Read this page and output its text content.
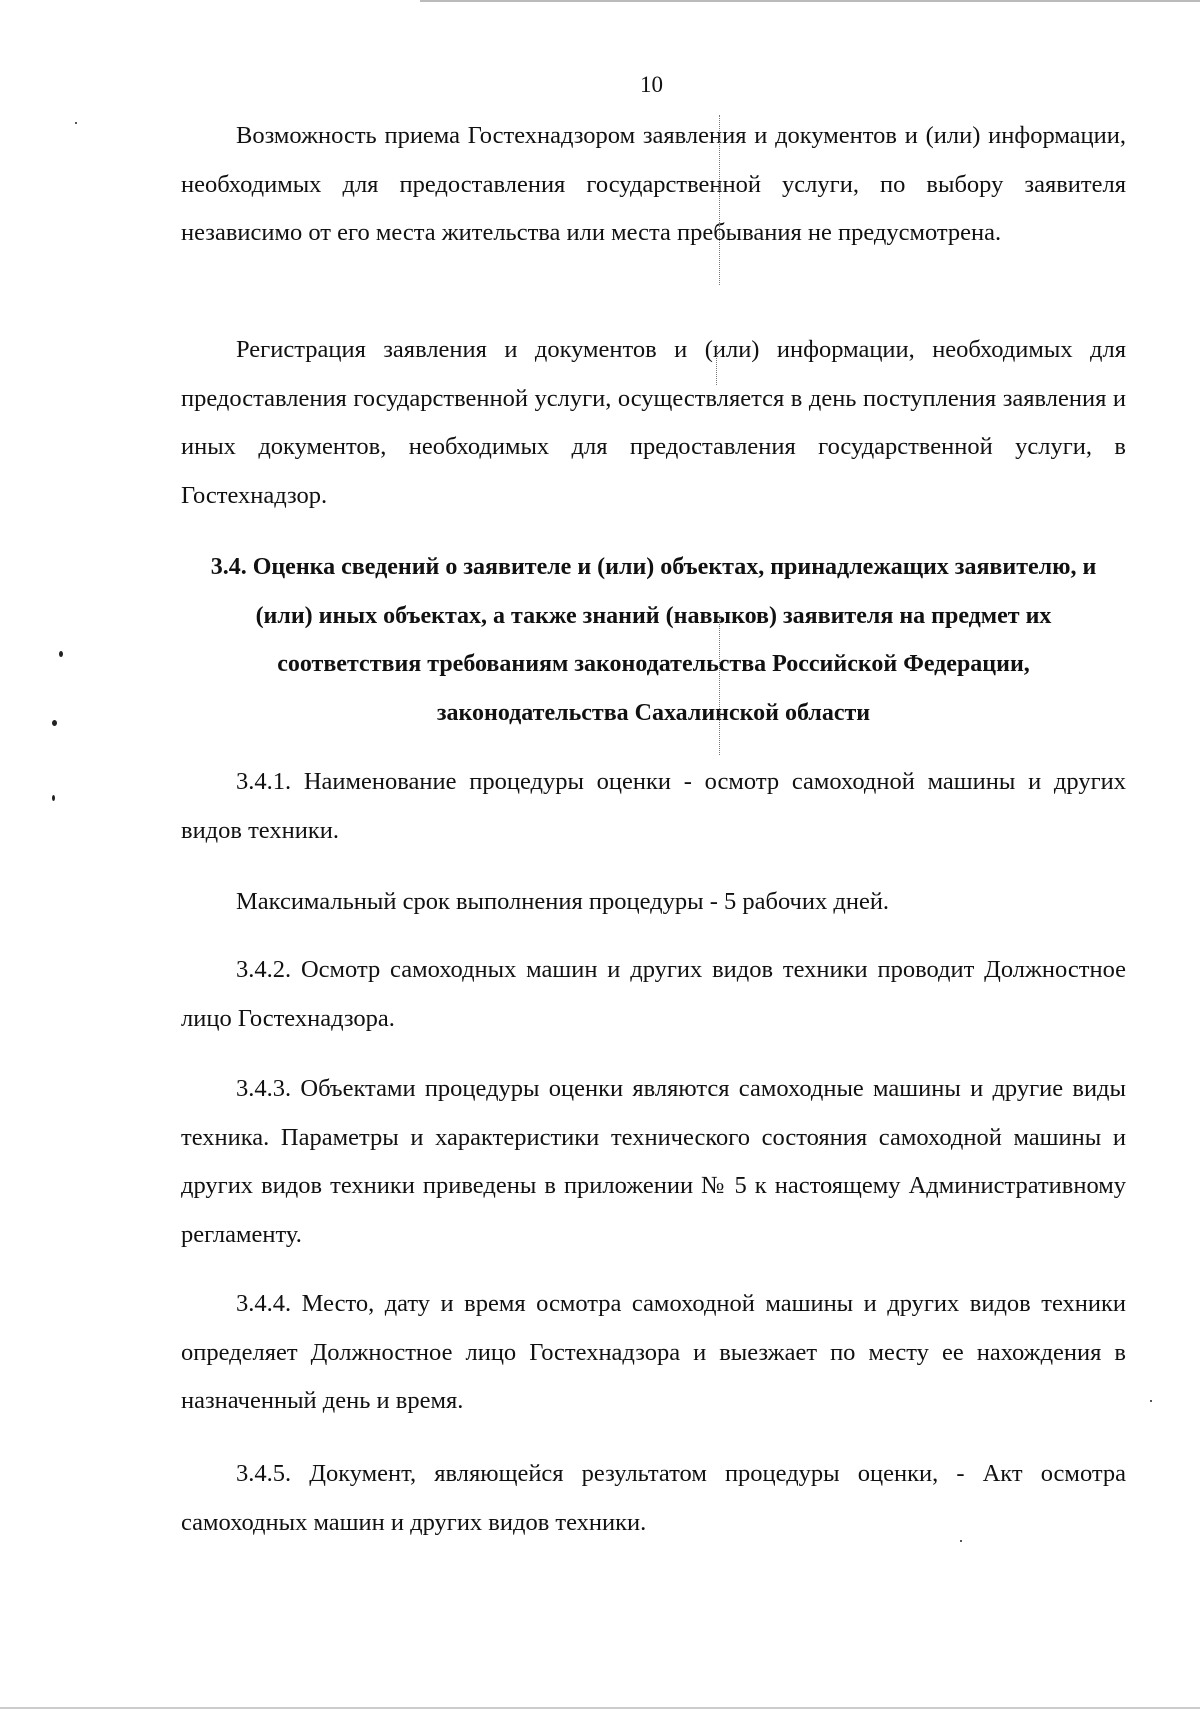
10

Возможность приема Гостехнадзором заявления и документов и (или) информации, необходимых для предоставления государственной услуги, по выбору заявителя независимо от его места жительства или места пребывания не предусмотрена.

Регистрация заявления и документов и (или) информации, необходимых для предоставления государственной услуги, осуществляется в день поступления заявления и иных документов, необходимых для предоставления государственной услуги, в Гостехнадзор.

3.4. Оценка сведений о заявителе и (или) объектах, принадлежащих заявителю, и (или) иных объектах, а также знаний (навыков) заявителя на предмет их соответствия требованиям законодательства Российской Федерации, законодательства Сахалинской области

3.4.1. Наименование процедуры оценки - осмотр самоходной машины и других видов техники.

Максимальный срок выполнения процедуры - 5 рабочих дней.

3.4.2. Осмотр самоходных машин и других видов техники проводит Должностное лицо Гостехнадзора.

3.4.3. Объектами процедуры оценки являются самоходные машины и другие виды техника. Параметры и характеристики технического состояния самоходной машины и других видов техники приведены в приложении № 5 к настоящему Административному регламенту.

3.4.4. Место, дату и время осмотра самоходной машины и других видов техники определяет Должностное лицо Гостехнадзора и выезжает по месту ее нахождения в назначенный день и время.

3.4.5. Документ, являющейся результатом процедуры оценки, - Акт осмотра самоходных машин и других видов техники.
